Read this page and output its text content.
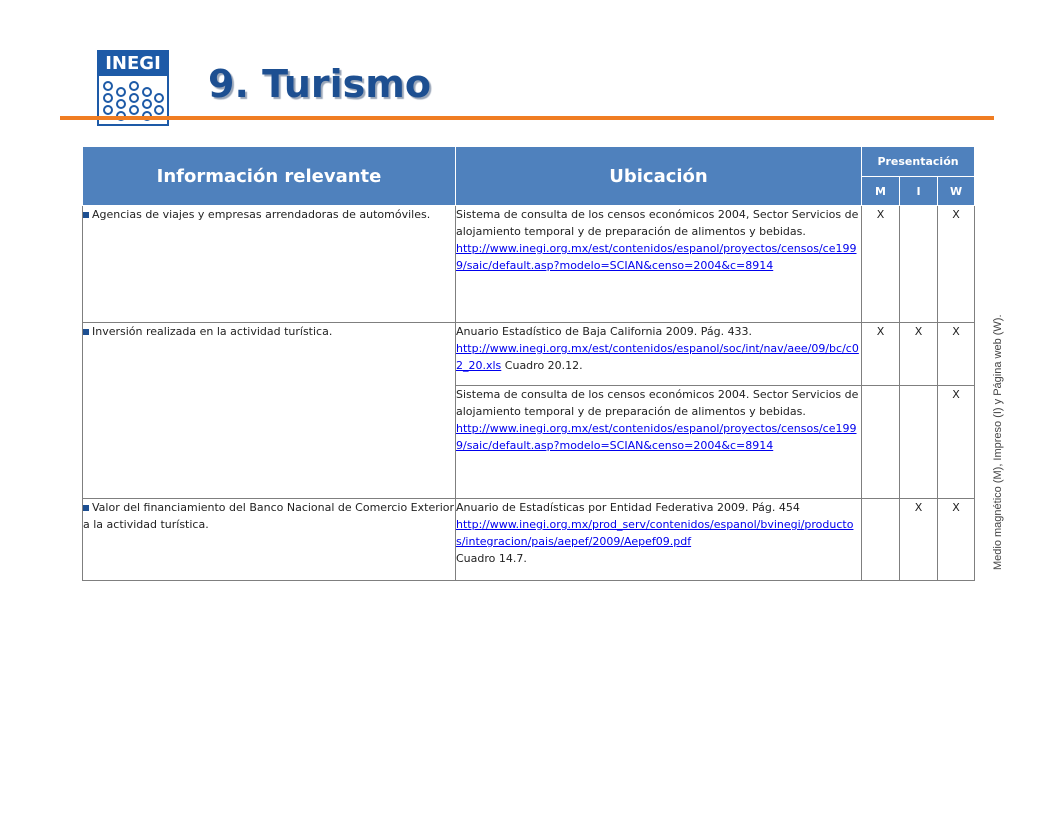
INEGI 9. Turismo
Información relevante	Ubicación	Presentación		
		M	I	W
Agencias de viajes y empresas arrendadoras de automóviles.	Sistema de consulta de los censos económicos 2004, Sector Servicios de alojamiento temporal y de preparación de alimentos y bebidas.
http://www.inegi.org.mx/est/contenidos/espanol/proyectos/censos/ce1999/saic/default.asp?modelo=SCIAN&censo=2004&c=8914	X		X
Inversión realizada en la actividad turística.	Anuario Estadístico de Baja California 2009. Pág. 433.
http://www.inegi.org.mx/est/contenidos/espanol/soc/int/nav/aee/09/bc/c02_20.xls Cuadro 20.12.	X	X	X
	Sistema de consulta de los censos económicos 2004. Sector Servicios de alojamiento temporal y de preparación de alimentos y bebidas.
http://www.inegi.org.mx/est/contenidos/espanol/proyectos/censos/ce1999/saic/default.asp?modelo=SCIAN&censo=2004&c=8914			X
Valor del financiamiento del Banco Nacional de Comercio Exterior a la actividad turística.	Anuario de Estadísticas por Entidad Federativa 2009. Pág. 454
http://www.inegi.org.mx/prod_serv/contenidos/espanol/bvinegi/productos/integracion/pais/aepef/2009/Aepef09.pdf
Cuadro 14.7.		X	X	Medio magnético (M), Impreso (I) y Página web (W).
